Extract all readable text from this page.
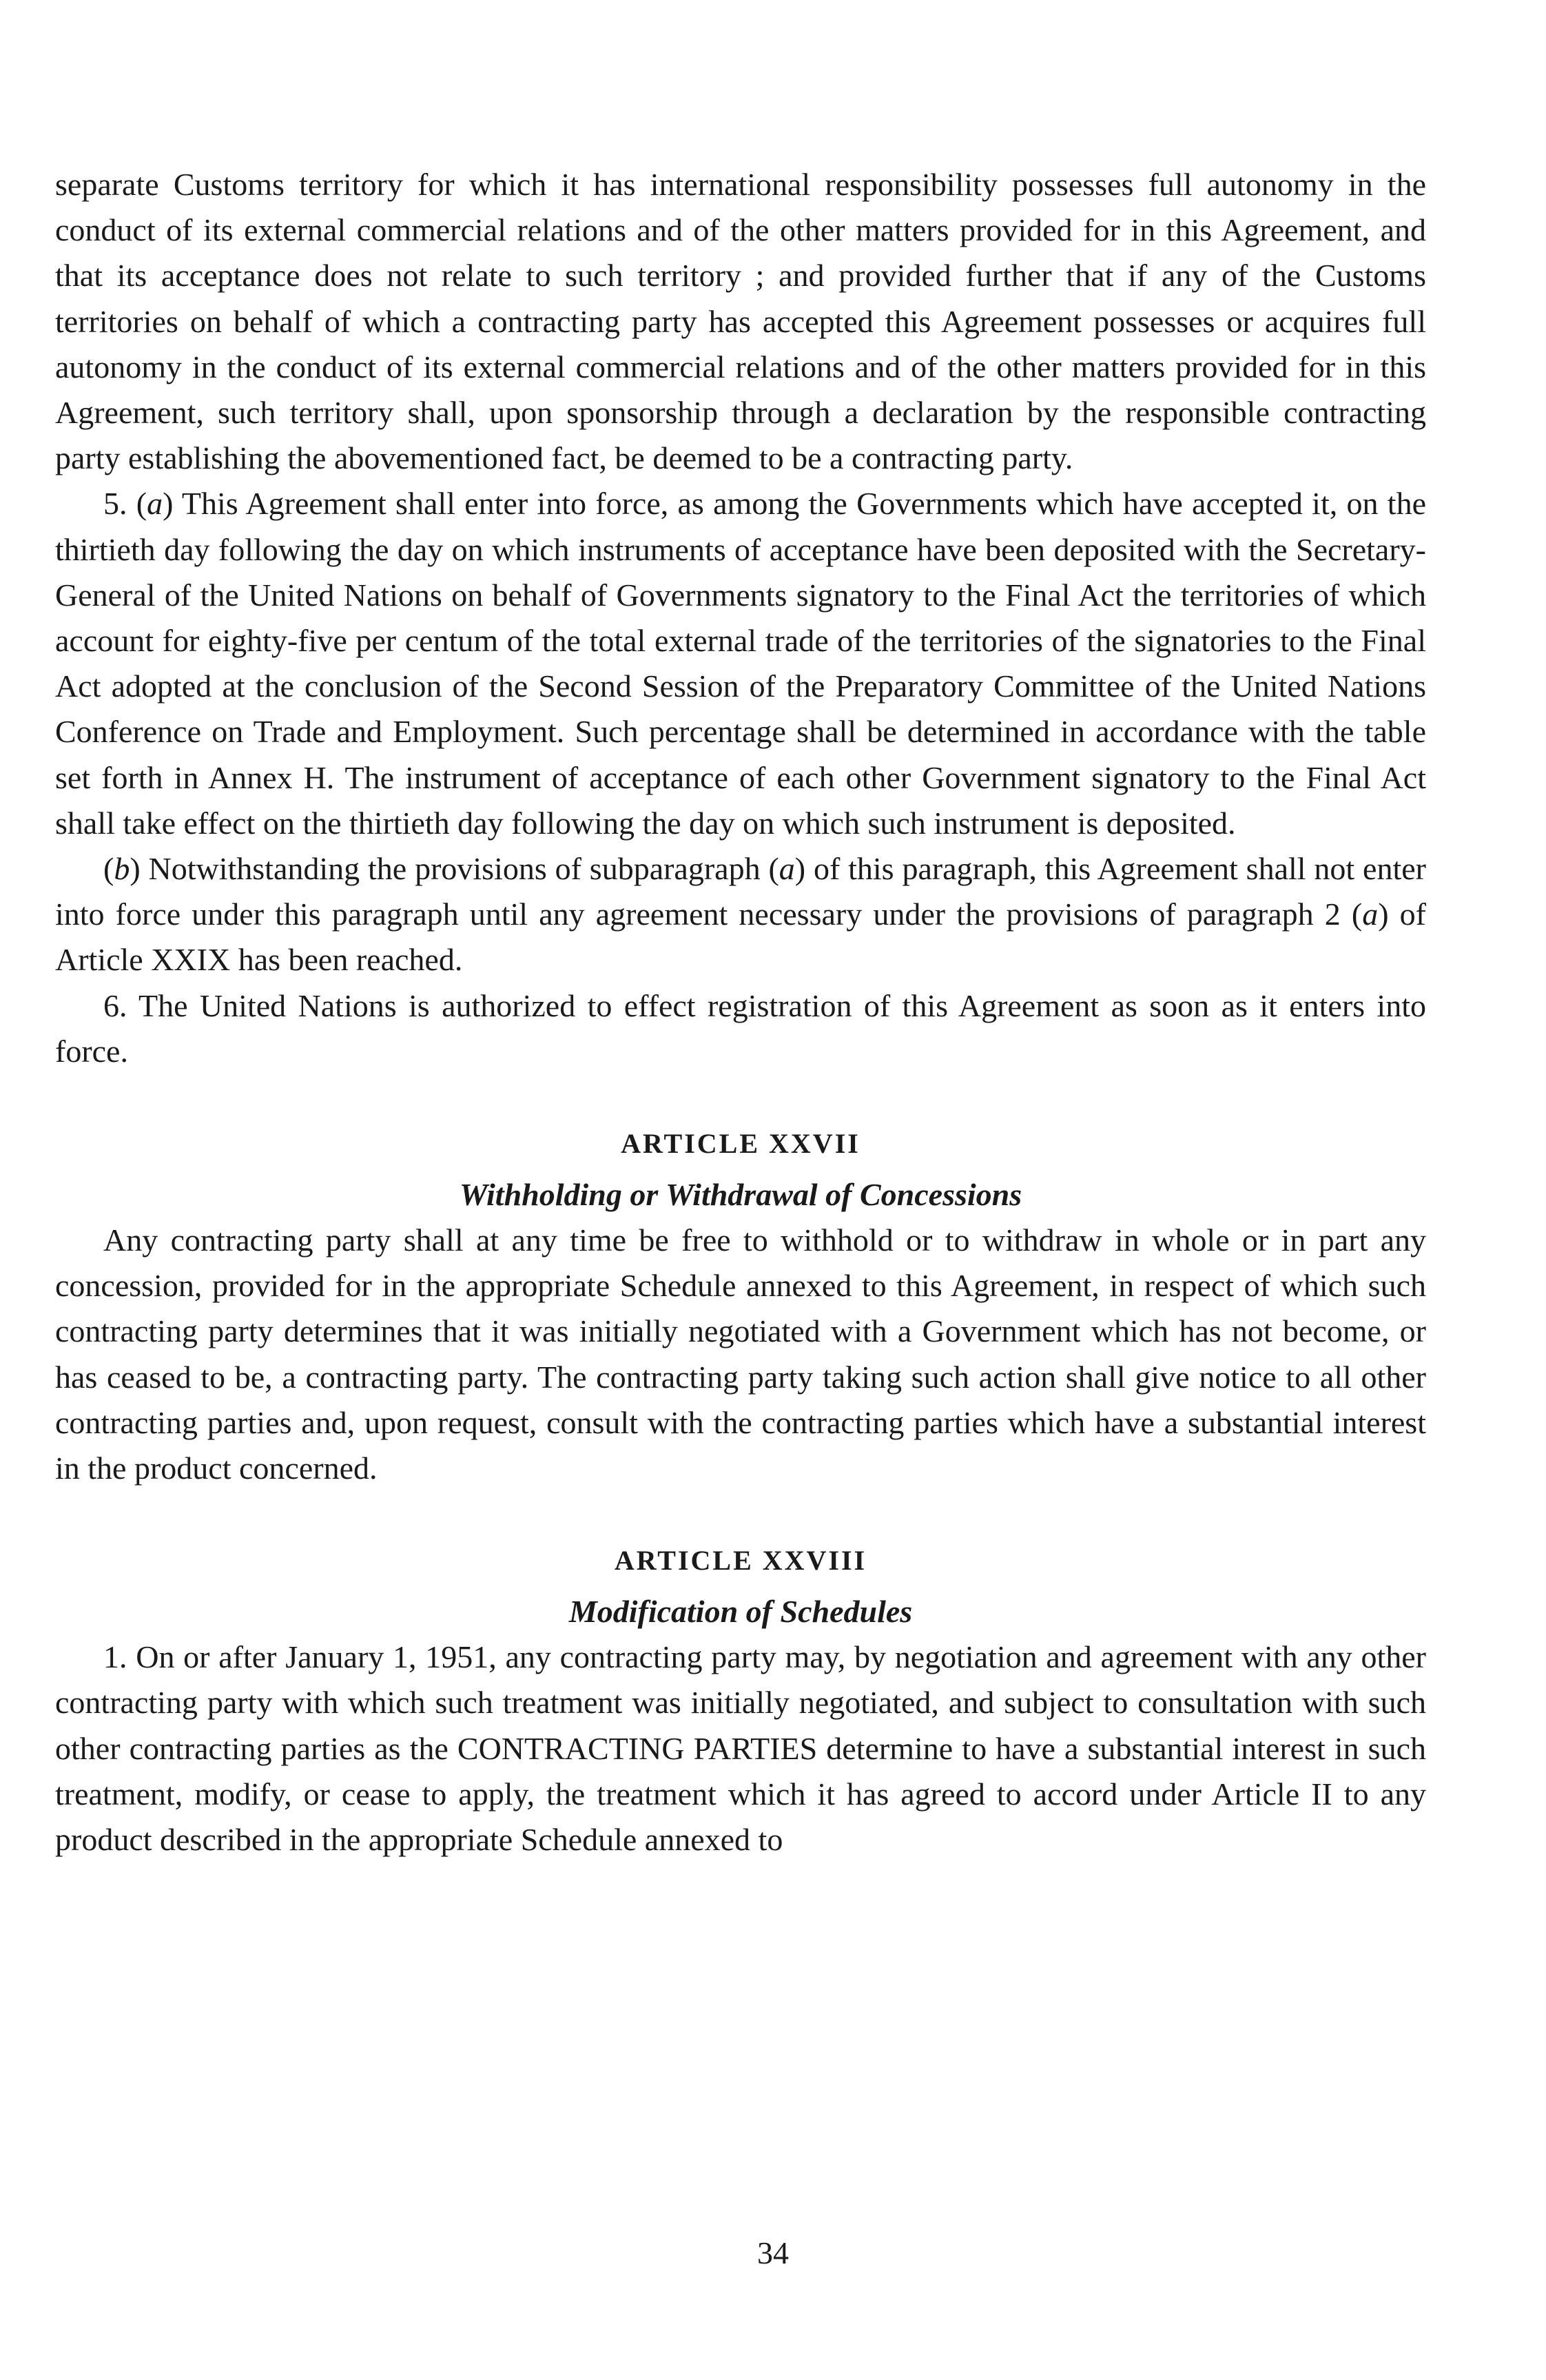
separate Customs territory for which it has international responsibility possesses full autonomy in the conduct of its external commercial relations and of the other matters provided for in this Agreement, and that its acceptance does not relate to such territory ; and provided further that if any of the Customs territories on behalf of which a contracting party has accepted this Agreement possesses or acquires full autonomy in the conduct of its external commercial relations and of the other matters provided for in this Agreement, such territory shall, upon sponsorship through a declaration by the responsible contracting party establishing the abovementioned fact, be deemed to be a contracting party.

5. (a) This Agreement shall enter into force, as among the Governments which have accepted it, on the thirtieth day following the day on which instruments of acceptance have been deposited with the Secretary-General of the United Nations on behalf of Governments signatory to the Final Act the territories of which account for eighty-five per centum of the total external trade of the territories of the signatories to the Final Act adopted at the conclusion of the Second Session of the Preparatory Committee of the United Nations Conference on Trade and Employment. Such percentage shall be determined in accordance with the table set forth in Annex H. The instrument of acceptance of each other Government signatory to the Final Act shall take effect on the thirtieth day following the day on which such instrument is deposited.

(b) Notwithstanding the provisions of subparagraph (a) of this paragraph, this Agreement shall not enter into force under this paragraph until any agreement necessary under the provisions of paragraph 2 (a) of Article XXIX has been reached.

6. The United Nations is authorized to effect registration of this Agreement as soon as it enters into force.

ARTICLE XXVII
Withholding or Withdrawal of Concessions

Any contracting party shall at any time be free to withhold or to withdraw in whole or in part any concession, provided for in the appropriate Schedule annexed to this Agreement, in respect of which such contracting party determines that it was initially negotiated with a Government which has not become, or has ceased to be, a contracting party. The contracting party taking such action shall give notice to all other contracting parties and, upon request, consult with the contracting parties which have a substantial interest in the product concerned.

ARTICLE XXVIII
Modification of Schedules

1. On or after January 1, 1951, any contracting party may, by negotiation and agreement with any other contracting party with which such treatment was initially negotiated, and subject to consultation with such other contracting parties as the CONTRACTING PARTIES determine to have a substantial interest in such treatment, modify, or cease to apply, the treatment which it has agreed to accord under Article II to any product described in the appropriate Schedule annexed to

34
